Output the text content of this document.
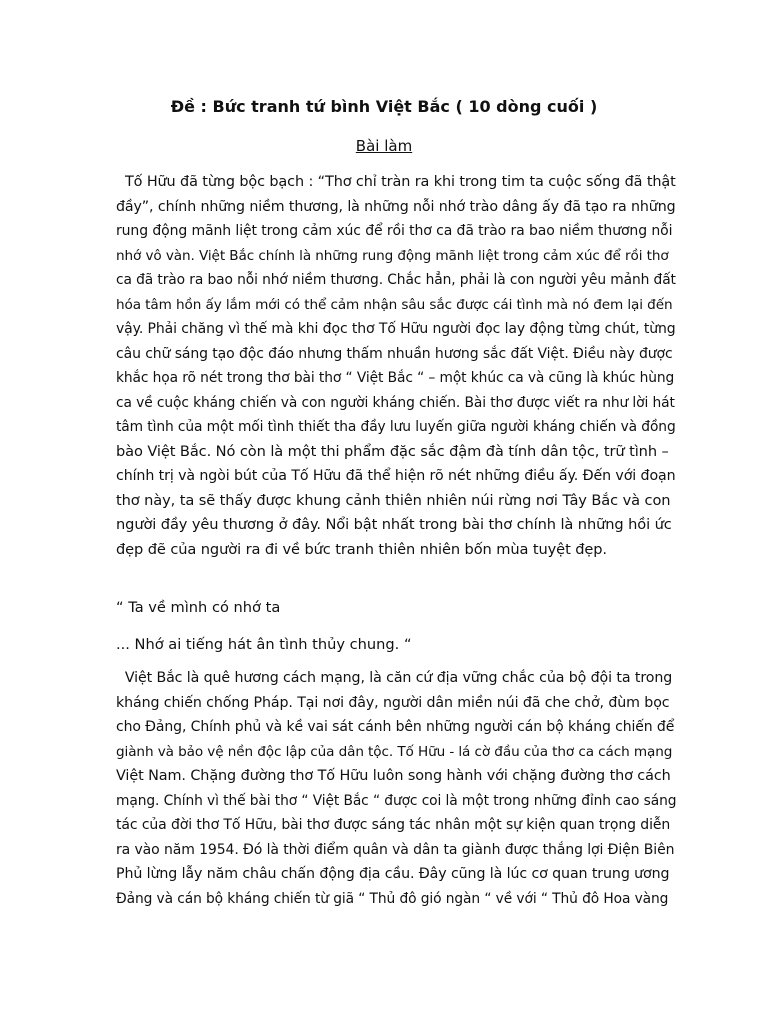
Đề : Bức tranh tứ bình Việt Bắc ( 10 dòng cuối )

Bài làm

Tố Hữu đã từng bộc bạch : “Thơ chỉ tràn ra khi trong tim ta cuộc sống đã thật
đầy”, chính những niềm thương, là những nỗi nhớ trào dâng ấy đã tạo ra những
rung động mãnh liệt trong cảm xúc để rồi thơ ca đã trào ra bao niềm thương nỗi
nhớ vô vàn. Việt Bắc chính là những rung động mãnh liệt trong cảm xúc để rồi thơ
ca đã trào ra bao nỗi nhớ niềm thương. Chắc hẳn, phải là con người yêu mảnh đất
hóa tâm hồn ấy lắm mới có thể cảm nhận sâu sắc được cái tình mà nó đem lại đến
vậy. Phải chăng vì thế mà khi đọc thơ Tố Hữu người đọc lay động từng chút, từng
câu chữ sáng tạo độc đáo nhưng thấm nhuần hương sắc đất Việt. Điều này được
khắc họa rõ nét trong thơ bài thơ “ Việt Bắc “ – một khúc ca và cũng là khúc hùng
ca về cuộc kháng chiến và con người kháng chiến. Bài thơ được viết ra như lời hát
tâm tình của một mối tình thiết tha đầy lưu luyến giữa người kháng chiến và đồng
bào Việt Bắc. Nó còn là một thi phẩm đặc sắc đậm đà tính dân tộc, trữ tình –
chính trị và ngòi bút của Tố Hữu đã thể hiện rõ nét những điều ấy. Đến với đoạn
thơ này, ta sẽ thấy được khung cảnh thiên nhiên núi rừng nơi Tây Bắc và con
người đầy yêu thương ở đây. Nổi bật nhất trong bài thơ chính là những hồi ức
đẹp đẽ của người ra đi về bức tranh thiên nhiên bốn mùa tuyệt đẹp.
“ Ta về mình có nhớ ta
... Nhớ ai tiếng hát ân tình thủy chung. “
Việt Bắc là quê hương cách mạng, là căn cứ địa vững chắc của bộ đội ta trong
kháng chiến chống Pháp. Tại nơi đây, người dân miền núi đã che chở, đùm bọc
cho Đảng, Chính phủ và kề vai sát cánh bên những người cán bộ kháng chiến để
giành và bảo vệ nền độc lập của dân tộc. Tố Hữu - lá cờ đầu của thơ ca cách mạng
Việt Nam. Chặng đường thơ Tố Hữu luôn song hành với chặng đường thơ cách
mạng. Chính vì thế bài thơ “ Việt Bắc “ được coi là một trong những đỉnh cao sáng
tác của đời thơ Tố Hữu, bài thơ được sáng tác nhân một sự kiện quan trọng diễn
ra vào năm 1954. Đó là thời điểm quân và dân ta giành được thắng lợi Điện Biên
Phủ lừng lẫy năm châu chấn động địa cầu. Đây cũng là lúc cơ quan trung ương
Đảng và cán bộ kháng chiến từ giã “ Thủ đô gió ngàn “ về với “ Thủ đô Hoa vàng
